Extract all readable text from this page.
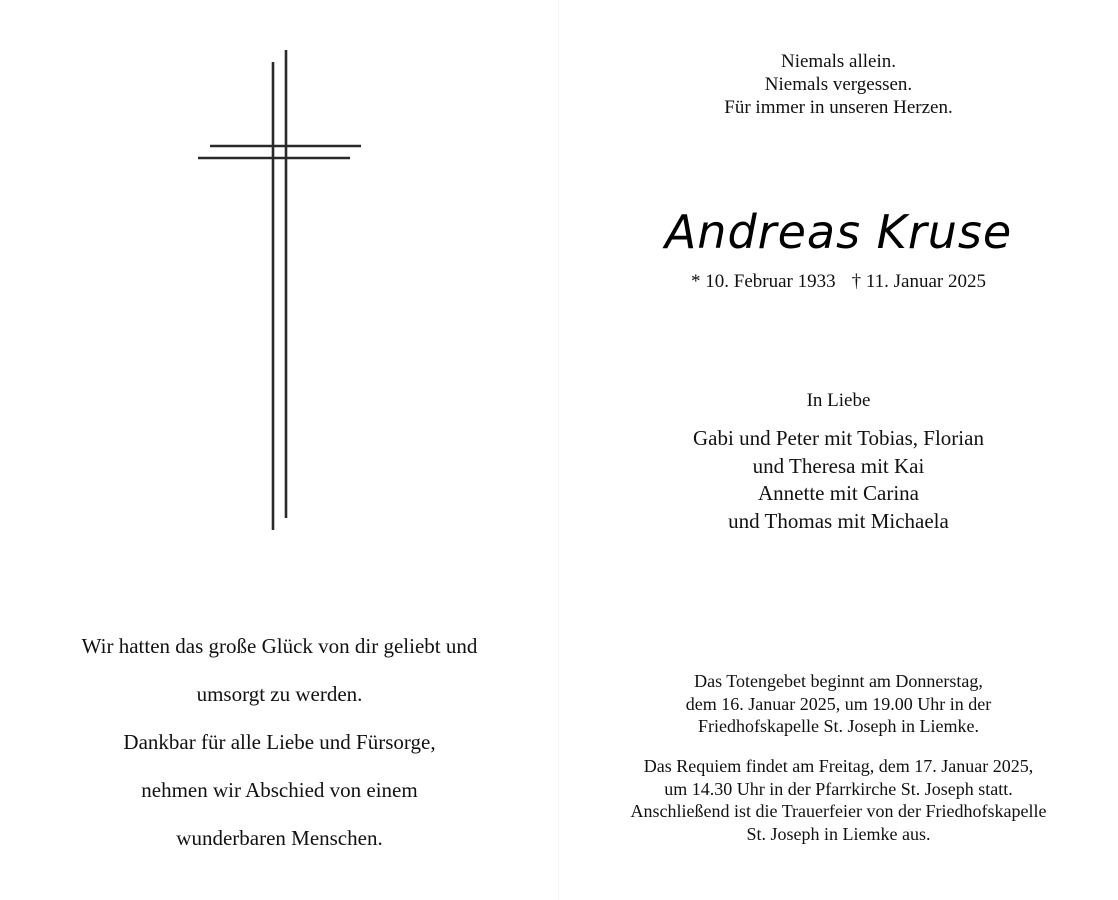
Wir hatten das große Glück von dir geliebt und
umsorgt zu werden.
Dankbar für alle Liebe und Fürsorge,
nehmen wir Abschied von einem
wunderbaren Menschen.
Niemals allein.
Niemals vergessen.
Für immer in unseren Herzen.
Andreas Kruse
* 10. Februar 1933 † 11. Januar 2025
In Liebe
Gabi und Peter mit Tobias, Florian
und Theresa mit Kai
Annette mit Carina
und Thomas mit Michaela
Das Totengebet beginnt am Donnerstag,
dem 16. Januar 2025, um 19.00 Uhr in der
Friedhofskapelle St. Joseph in Liemke.
Das Requiem findet am Freitag, dem 17. Januar 2025,
um 14.30 Uhr in der Pfarrkirche St. Joseph statt.
Anschließend ist die Trauerfeier von der Friedhofskapelle
St. Joseph in Liemke aus.
